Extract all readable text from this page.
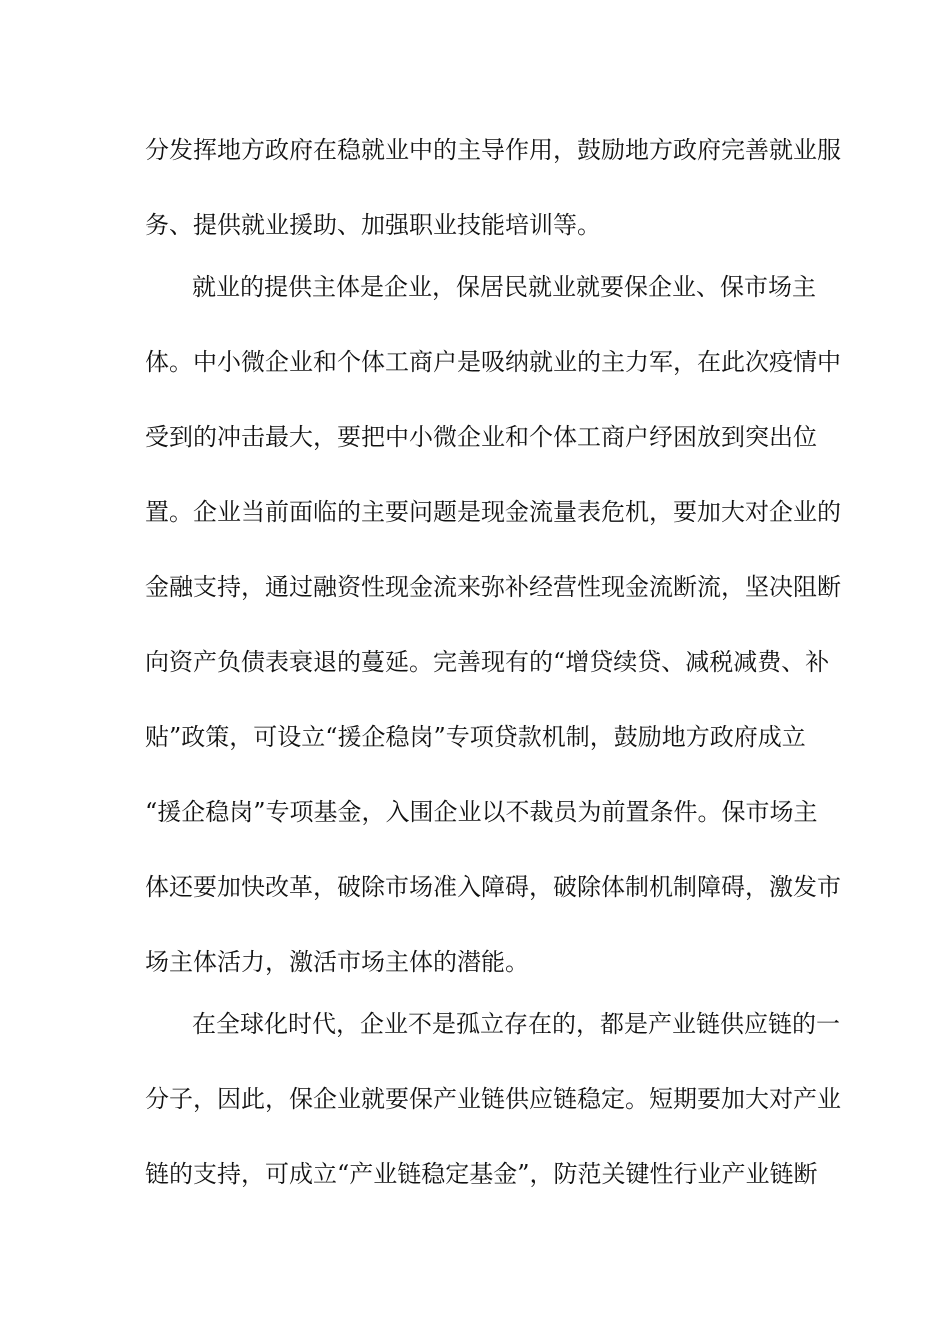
分发挥地方政府在稳就业中的主导作用，鼓励地方政府完善就业服
务、提供就业援助、加强职业技能培训等。
就业的提供主体是企业，保居民就业就要保企业、保市场主
体。中小微企业和个体工商户是吸纳就业的主力军，在此次疫情中
受到的冲击最大，要把中小微企业和个体工商户纾困放到突出位
置。企业当前面临的主要问题是现金流量表危机，要加大对企业的
金融支持，通过融资性现金流来弥补经营性现金流断流，坚决阻断
向资产负债表衰退的蔓延。完善现有的“增贷续贷、减税减费、补
贴”政策，可设立“援企稳岗”专项贷款机制，鼓励地方政府成立
“援企稳岗”专项基金，入围企业以不裁员为前置条件。保市场主
体还要加快改革，破除市场准入障碍，破除体制机制障碍，激发市
场主体活力，激活市场主体的潜能。
在全球化时代，企业不是孤立存在的，都是产业链供应链的一
分子，因此，保企业就要保产业链供应链稳定。短期要加大对产业
链的支持，可成立“产业链稳定基金”，防范关键性行业产业链断
